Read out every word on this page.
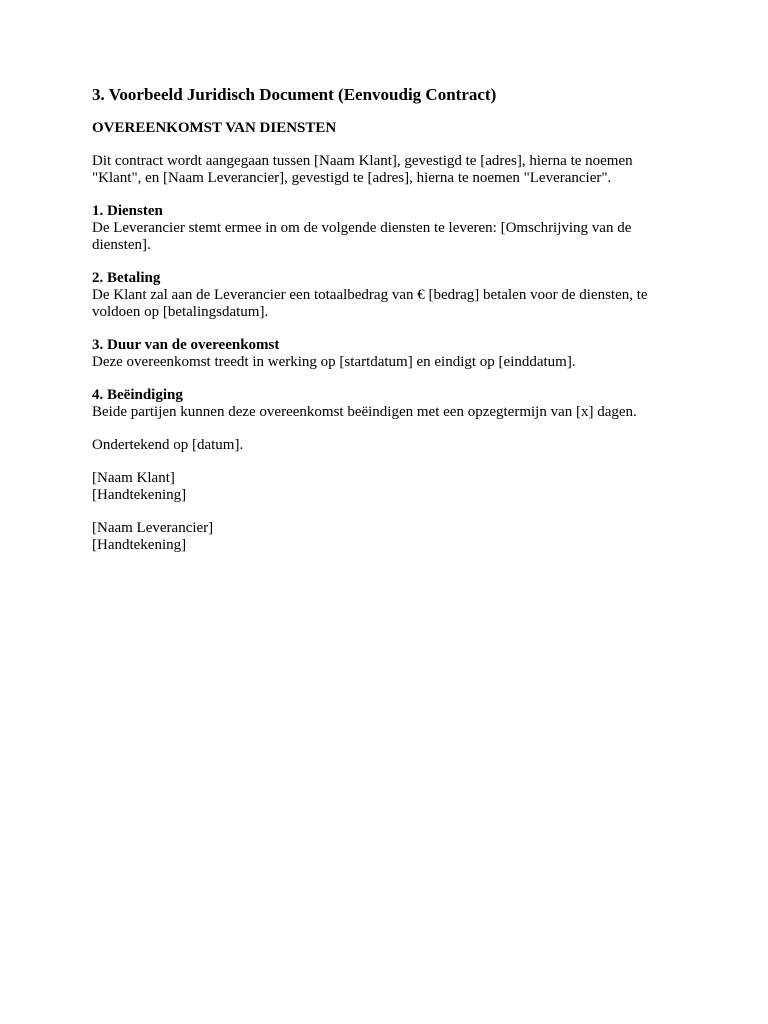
3. Voorbeeld Juridisch Document (Eenvoudig Contract)
OVEREENKOMST VAN DIENSTEN
Dit contract wordt aangegaan tussen [Naam Klant], gevestigd te [adres], hierna te noemen
"Klant", en [Naam Leverancier], gevestigd te [adres], hierna te noemen "Leverancier".
1. Diensten
De Leverancier stemt ermee in om de volgende diensten te leveren: [Omschrijving van de
diensten].
2. Betaling
De Klant zal aan de Leverancier een totaalbedrag van € [bedrag] betalen voor de diensten, te
voldoen op [betalingsdatum].
3. Duur van de overeenkomst
Deze overeenkomst treedt in werking op [startdatum] en eindigt op [einddatum].
4. Beëindiging
Beide partijen kunnen deze overeenkomst beëindigen met een opzegtermijn van [x] dagen.
Ondertekend op [datum].
[Naam Klant]
[Handtekening]
[Naam Leverancier]
[Handtekening]
